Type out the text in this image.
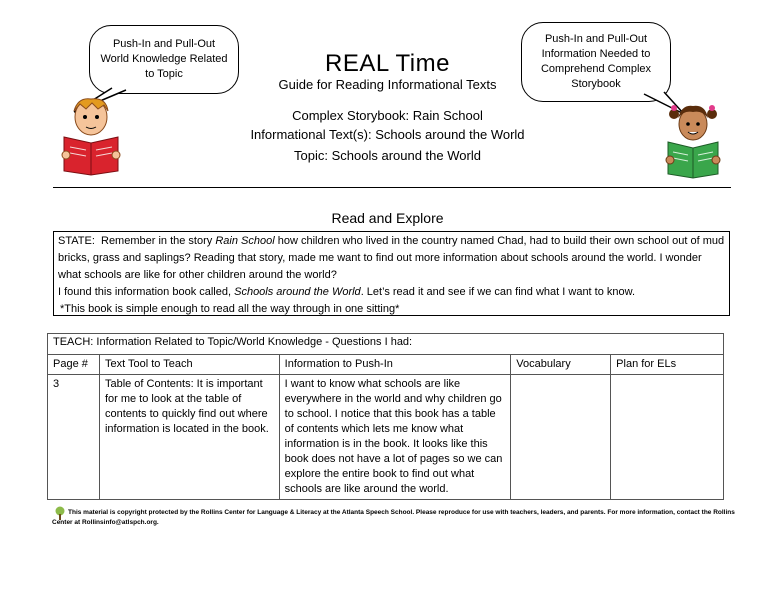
Push-In and Pull-Out World Knowledge Related to Topic
Push-In and Pull-Out Information Needed to Comprehend Complex Storybook
REAL Time
Guide for Reading Informational Texts
Complex Storybook: Rain School
Informational Text(s): Schools around the World
Topic: Schools around the World
Read and Explore
STATE: Remember in the story Rain School how children who lived in the country named Chad, had to build their own school out of mud bricks, grass and saplings? Reading that story, made me want to find out more information about schools around the world. I wonder what schools are like for other children around the world?
I found this information book called, Schools around the World. Let’s read it and see if we can find what I want to know.
*This book is simple enough to read all the way through in one sitting*
TEACH: Information Related to Topic/World Knowledge - Questions I had:				
Page #	Text Tool to Teach	Information to Push-In	Vocabulary	Plan for ELs
3	Table of Contents: It is important for me to look at the table of contents to quickly find out where information is located in the book.	I want to know what schools are like everywhere in the world and why children go to school. I notice that this book has a table of contents which lets me know what information is in the book. It looks like this book does not have a lot of pages so we can explore the entire book to find out what schools are like around the world.		
This material is copyright protected by the Rollins Center for Language & Literacy at the Atlanta Speech School. Please reproduce for use with teachers, leaders, and parents. For more information, contact the Rollins Center at Rollinsinfo@atlspch.org.
